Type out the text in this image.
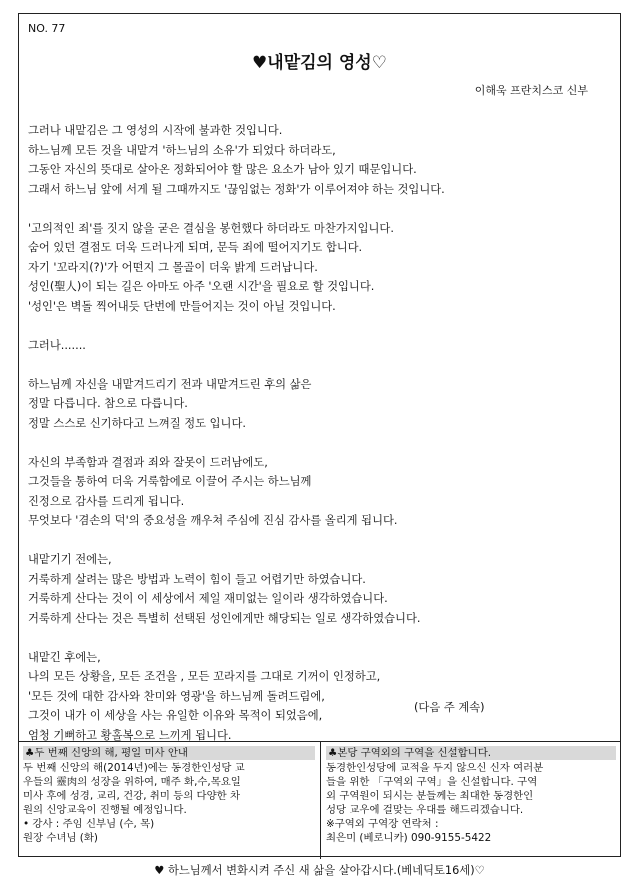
NO. 77
♥내맡김의 영성♡
이해욱 프란치스코 신부
그러나 내맡김은 그 영성의 시작에 불과한 것입니다.
하느님께 모든 것을 내맡겨 '하느님의 소유'가 되었다 하더라도,
그동안 자신의 뜻대로 살아온 정화되어야 할 많은 요소가 남아 있기 때문입니다.
그래서 하느님 앞에 서게 될 그때까지도 '끊임없는 정화'가 이루어져야 하는 것입니다.
'고의적인 죄'를 짓지 않을 굳은 결심을 봉헌했다 하더라도 마찬가지입니다.
숨어 있던 결점도 더욱 드러나게 되며, 문득 죄에 떨어지기도 합니다.
자기 '꼬라지(?)'가 어떤지 그 몰골이 더욱 밝게 드러납니다.
성인(聖人)이 되는 길은 아마도 아주 '오랜 시간'을 필요로 할 것입니다.
'성인'은 벽돌 찍어내듯 단번에 만들어지는 것이 아닐 것입니다.
그러나.......
하느님께 자신을 내맡겨드리기 전과 내맡겨드린 후의 삶은
정말 다릅니다. 참으로 다릅니다.
정말 스스로 신기하다고 느껴질 정도 입니다.
자신의 부족함과 결점과 죄와 잘못이 드러남에도,
그것들을 통하여 더욱 거룩함에로 이끌어 주시는 하느님께
진정으로 감사를 드리게 됩니다.
무엇보다 '겸손의 덕'의 중요성을 깨우쳐 주심에 진심 감사를 올리게 됩니다.
내맡기기 전에는,
거룩하게 살려는 많은 방법과 노력이 힘이 들고 어렵기만 하였습니다.
거룩하게 산다는 것이 이 세상에서 제일 재미없는 일이라 생각하였습니다.
거룩하게 산다는 것은 특별히 선택된 성인에게만 해당되는 일로 생각하였습니다.
내맡긴 후에는,
나의 모든 상황을, 모든 조건을 , 모든 꼬라지를 그대로 기꺼이 인정하고,
'모든 것에 대한 감사와 찬미와 영광'을 하느님께 돌려드림에,
그것이 내가 이 세상을 사는 유일한 이유와 목적이 되었음에,
엄청 기뻐하고 황홀복으로 느끼게 됩니다.
(다음 주 계속)
♣두 번째 신앙의 해, 평일 미사 안내
두 번째 신앙의 해(2014년)에는 동경한인성당 교
우들의 靈肉의 성장을 위하여, 매주 화,수,목요일
미사 후에 성경, 교리, 건강, 취미 등의 다양한 차
원의 신앙교육이 진행될 예정입니다.
• 강사 : 주임 신부님 (수, 목)
원장 수녀님 (화)
♣본당 구역외의 구역을 신설합니다.
동경한인성당에 교적을 두지 않으신 신자 여러분
들을 위한 「구역외 구역」을 신설합니다. 구역
외 구역원이 되시는 분들께는 최대한 동경한인
성당 교우에 걸맞는 우대를 해드리겠습니다.
※구역외 구역장 연락처 :
최은미 (베로니카) 090-9155-5422
♥ 하느님께서 변화시켜 주신 새 삶을 살아갑시다.(베네딕토16세)♡
